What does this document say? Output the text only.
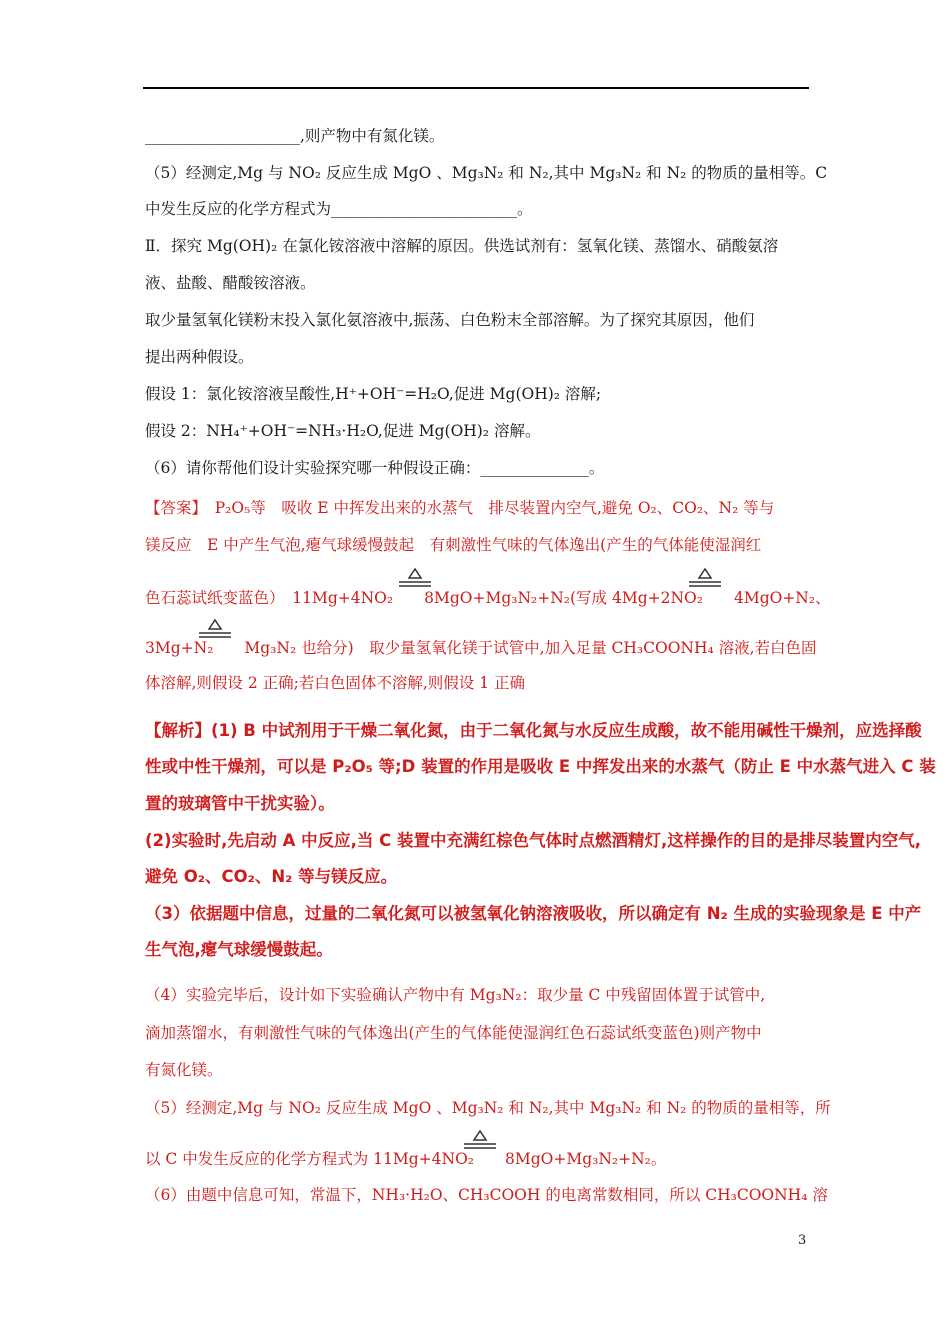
____________________,则产物中有氮化镁。
（5）经测定,Mg 与 NO₂ 反应生成 MgO 、Mg₃N₂ 和 N₂,其中 Mg₃N₂ 和 N₂ 的物质的量相等。C
中发生反应的化学方程式为________________________。
Ⅱ．探究 Mg(OH)₂ 在氯化铵溶液中溶解的原因。供选试剂有：氢氧化镁、蒸馏水、硝酸氨溶
液、盐酸、醋酸铵溶液。
取少量氢氧化镁粉末投入氯化氨溶液中,振荡、白色粉末全部溶解。为了探究其原因，他们
提出两种假设。
假设 1：氯化铵溶液呈酸性,H⁺+OH⁻=H₂O,促进 Mg(OH)₂ 溶解;
假设 2：NH₄⁺+OH⁻=NH₃·H₂O,促进 Mg(OH)₂ 溶解。
（6）请你帮他们设计实验探究哪一种假设正确：______________。
【答案】　P₂O₅等　吸收 E 中挥发出来的水蒸气　排尽装置内空气,避免 O₂、CO₂、N₂ 等与
镁反应　E 中产生气泡,瘪气球缓慢鼓起　有刺激性气味的气体逸出(产生的气体能使湿润红
色石蕊试纸变蓝色）　11Mg+4NO₂　　8MgO+Mg₃N₂+N₂(写成 4Mg+2NO₂　　4MgO+N₂、
3Mg+N₂　　Mg₃N₂ 也给分)　取少量氢氧化镁于试管中,加入足量 CH₃COONH₄ 溶液,若白色固
体溶解,则假设 2 正确;若白色固体不溶解,则假设 1 正确
【解析】(1) B 中试剂用于干燥二氧化氮，由于二氧化氮与水反应生成酸，故不能用碱性干燥剂，应选择酸
性或中性干燥剂，可以是 P₂O₅ 等;D 装置的作用是吸收 E 中挥发出来的水蒸气（防止 E 中水蒸气进入 C 装
置的玻璃管中干扰实验）。
(2)实验时,先启动 A 中反应,当 C 装置中充满红棕色气体时点燃酒精灯,这样操作的目的是排尽装置内空气,
避免 O₂、CO₂、N₂ 等与镁反应。
（3）依据题中信息，过量的二氧化氮可以被氢氧化钠溶液吸收，所以确定有 N₂ 生成的实验现象是 E 中产
生气泡,瘪气球缓慢鼓起。
（4）实验完毕后，设计如下实验确认产物中有 Mg₃N₂：取少量 C 中残留固体置于试管中,
滴加蒸馏水，有刺激性气味的气体逸出(产生的气体能使湿润红色石蕊试纸变蓝色)则产物中
有氮化镁。
（5）经测定,Mg 与 NO₂ 反应生成 MgO 、Mg₃N₂ 和 N₂,其中 Mg₃N₂ 和 N₂ 的物质的量相等，所
以 C 中发生反应的化学方程式为 11Mg+4NO₂　　8MgO+Mg₃N₂+N₂。
（6）由题中信息可知，常温下，NH₃·H₂O、CH₃COOH 的电离常数相同，所以 CH₃COONH₄ 溶
3
